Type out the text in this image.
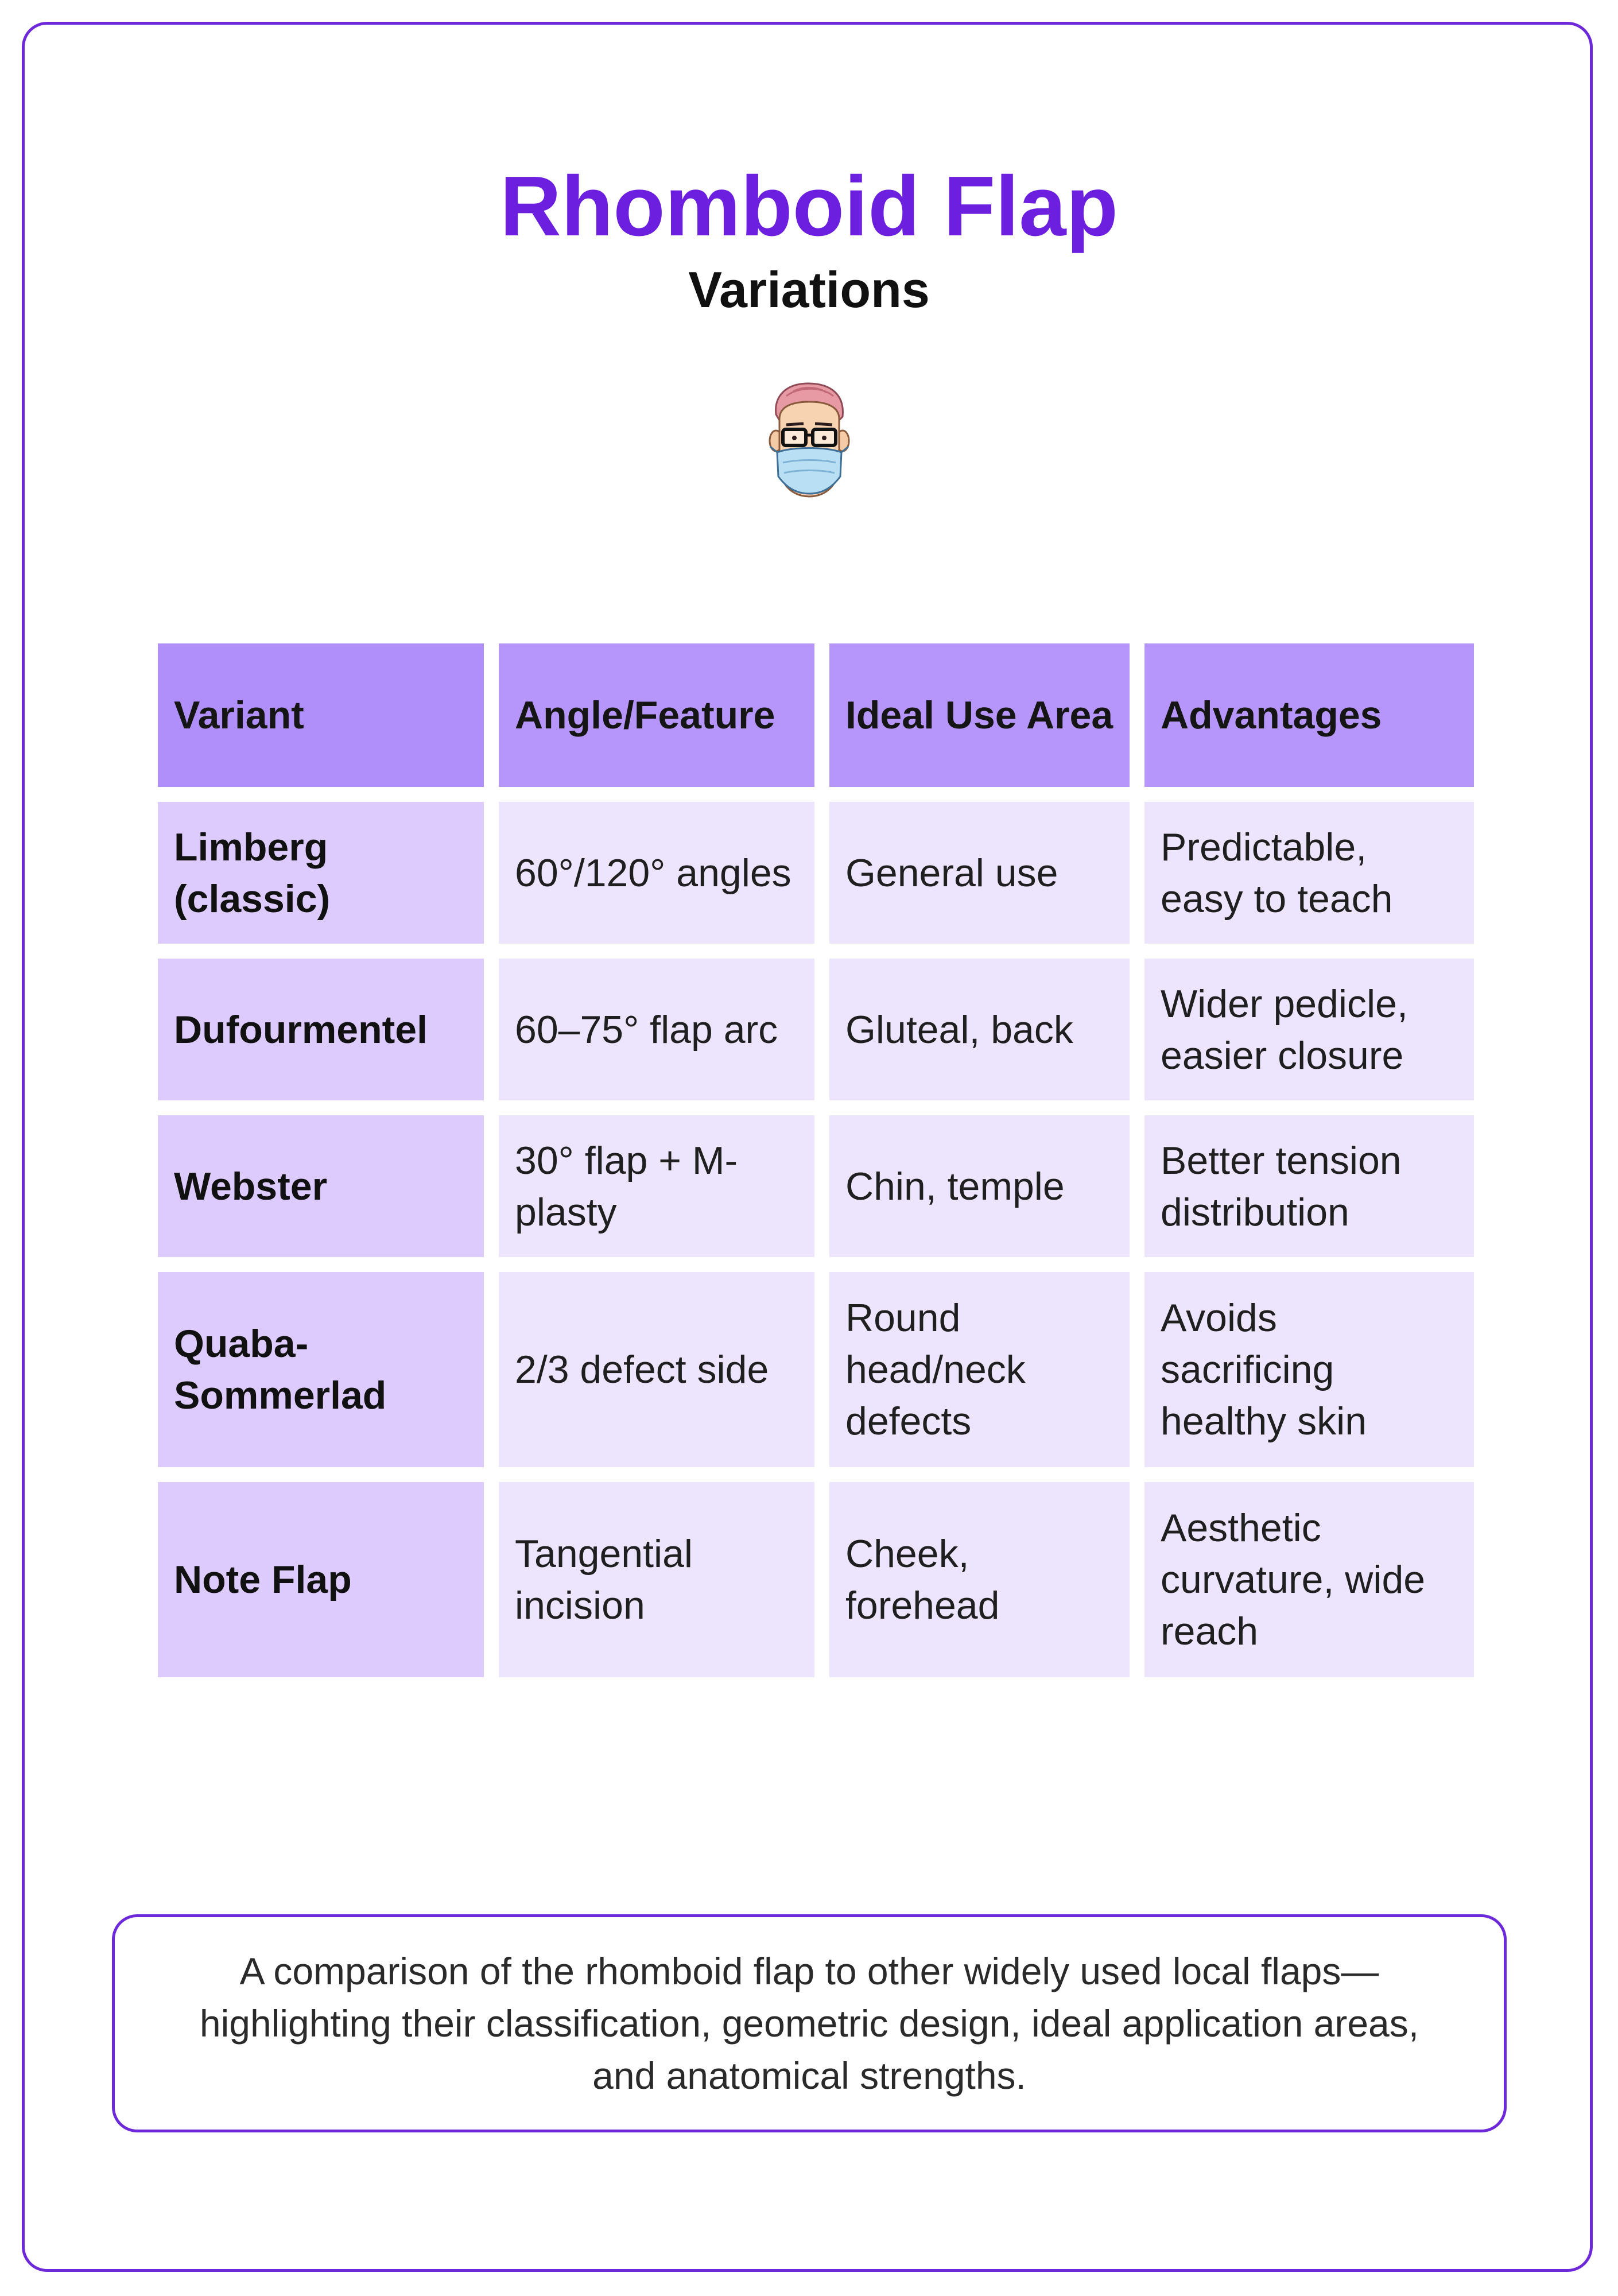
Rhomboid Flap
Variations
Variant	Angle/Feature	Ideal Use Area	Advantages
Limberg (classic)	60°/120° angles	General use	Predictable, easy to teach
Dufourmentel	60–75° flap arc	Gluteal, back	Wider pedicle, easier closure
Webster	30° flap + M-plasty	Chin, temple	Better tension distribution
Quaba-Sommerlad	2/3 defect side	Round head/neck defects	Avoids sacrificing healthy skin
Note Flap	Tangential incision	Cheek, forehead	Aesthetic curvature, wide reach
A comparison of the rhomboid flap to other widely used local flaps—highlighting their classification, geometric design, ideal application areas, and anatomical strengths.
